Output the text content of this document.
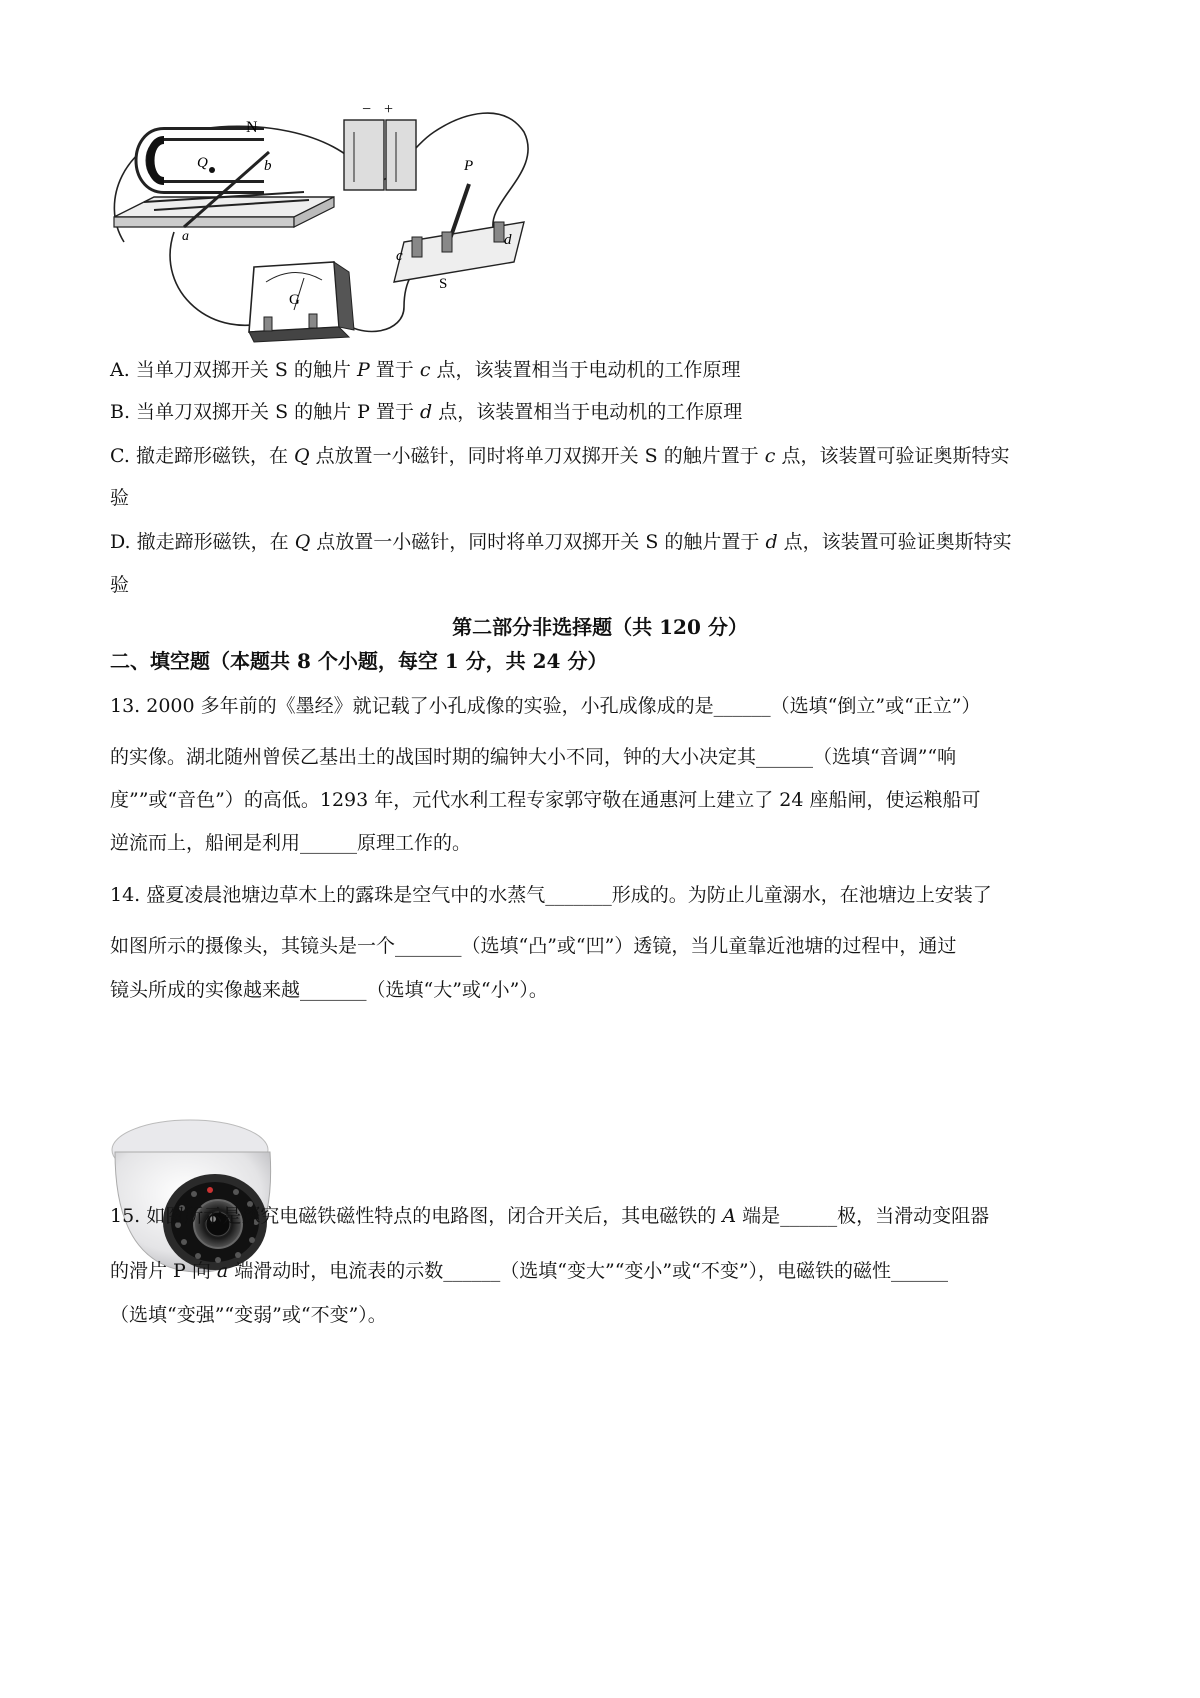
N
Q	b
a
− +
P
c
d
G
S
A. 当单刀双掷开关 S 的触片 P 置于 c 点，该装置相当于电动机的工作原理
B. 当单刀双掷开关 S 的触片 P 置于 d 点，该装置相当于电动机的工作原理
C. 撤走蹄形磁铁，在 Q 点放置一小磁针，同时将单刀双掷开关 S 的触片置于 c 点，该装置可验证奥斯特实
验
D. 撤走蹄形磁铁，在 Q 点放置一小磁针，同时将单刀双掷开关 S 的触片置于 d 点，该装置可验证奥斯特实
验
第二部分非选择题（共 120 分）
二、填空题（本题共 8 个小题，每空 1 分，共 24 分）
13. 2000 多年前的《墨经》就记载了小孔成像的实验，小孔成像成的是______（选填“倒立”或“正立”）
的实像。湖北随州曾侯乙基出土的战国时期的编钟大小不同，钟的大小决定其______（选填“音调”“响
度””或“音色”）的高低。1293 年，元代水利工程专家郭守敬在通惠河上建立了 24 座船闸，使运粮船可
逆流而上，船闸是利用______原理工作的。
14. 盛夏凌晨池塘边草木上的露珠是空气中的水蒸气_______形成的。为防止儿童溺水，在池塘边上安装了
如图所示的摄像头，其镜头是一个_______（选填“凸”或“凹”）透镜，当儿童靠近池塘的过程中，通过
镜头所成的实像越来越_______（选填“大”或“小”）。
15. 如图所示是探究电磁铁磁性特点的电路图，闭合开关后，其电磁铁的 A 端是______极，当滑动变阻器
的滑片 P 向 a 端滑动时，电流表的示数______（选填“变大”“变小”或“不变”），电磁铁的磁性______
（选填“变强”“变弱”或“不变”）。
